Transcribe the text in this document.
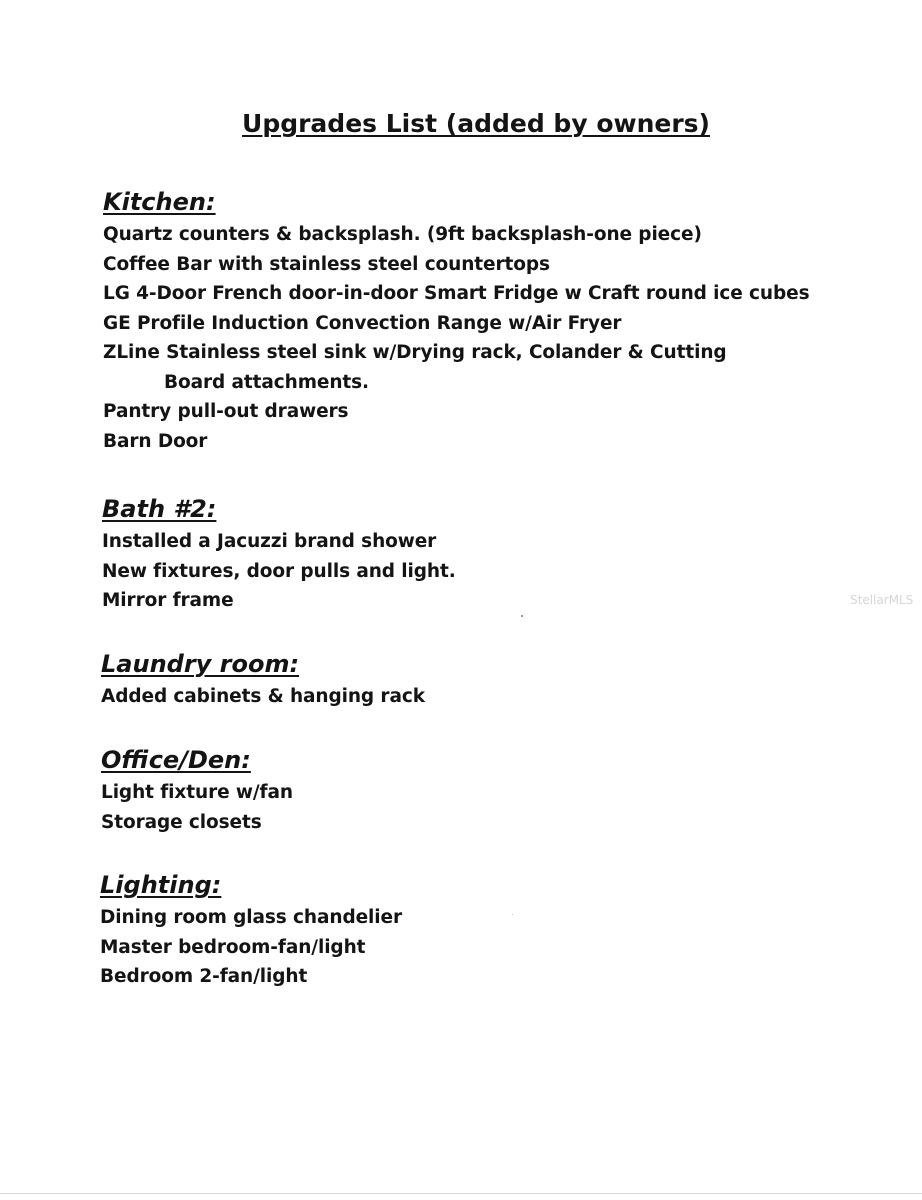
Upgrades List (added by owners)
Kitchen:
Quartz counters & backsplash. (9ft backsplash-one piece)
Coffee Bar with stainless steel countertops
LG 4-Door French door-in-door Smart Fridge w Craft round ice cubes
GE Profile Induction Convection Range w/Air Fryer
ZLine Stainless steel sink w/Drying rack, Colander & Cutting
Board attachments.
Pantry pull-out drawers
Barn Door
Bath #2:
Installed a Jacuzzi brand shower
New fixtures, door pulls and light.
Mirror frame
Laundry room:
Added cabinets & hanging rack
Office/Den:
Light fixture w/fan
Storage closets
Lighting:
Dining room glass chandelier
Master bedroom-fan/light
Bedroom 2-fan/light
StellarMLS
